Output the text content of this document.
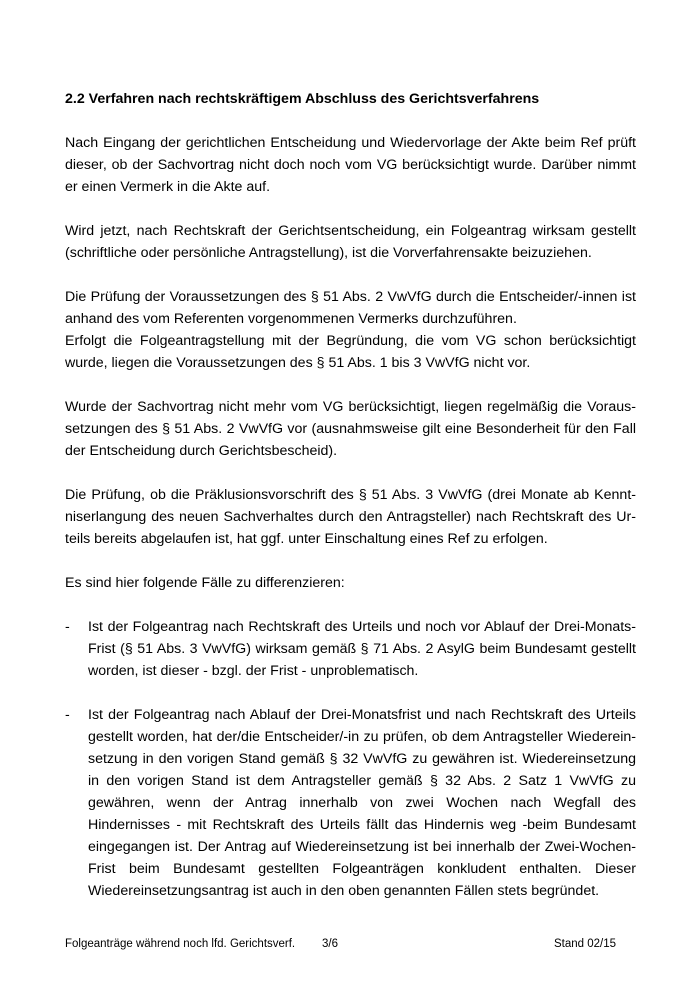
2.2 Verfahren nach rechtskräftigem Abschluss des Gerichtsverfahrens

Nach Eingang der gerichtlichen Entscheidung und Wiedervorlage der Akte beim Ref prüft dieser, ob der Sachvortrag nicht doch noch vom VG berücksichtigt wurde. Darüber nimmt er einen Vermerk in die Akte auf.

Wird jetzt, nach Rechtskraft der Gerichtsentscheidung, ein Folgeantrag wirksam gestellt (schriftliche oder persönliche Antragstellung), ist die Vorverfahrensakte beizuziehen.

Die Prüfung der Voraussetzungen des § 51 Abs. 2 VwVfG durch die Entscheider/-innen ist anhand des vom Referenten vorgenommenen Vermerks durchzuführen.

Erfolgt die Folgeantragstellung mit der Begründung, die vom VG schon berücksichtigt wurde, liegen die Voraussetzungen des § 51 Abs. 1 bis 3 VwVfG nicht vor.

Wurde der Sachvortrag nicht mehr vom VG berücksichtigt, liegen regelmäßig die Voraussetzungen des § 51 Abs. 2 VwVfG vor (ausnahmsweise gilt eine Besonderheit für den Fall der Entscheidung durch Gerichtsbescheid).

Die Prüfung, ob die Präklusionsvorschrift des § 51 Abs. 3 VwVfG (drei Monate ab Kenntniserlangung des neuen Sachverhaltes durch den Antragsteller) nach Rechtskraft des Urteils bereits abgelaufen ist, hat ggf. unter Einschaltung eines Ref zu erfolgen.

Es sind hier folgende Fälle zu differenzieren:

- Ist der Folgeantrag nach Rechtskraft des Urteils und noch vor Ablauf der Drei-Monats-Frist (§ 51 Abs. 3 VwVfG) wirksam gemäß § 71 Abs. 2 AsylG beim Bundesamt gestellt worden, ist dieser - bzgl. der Frist - unproblematisch.
- Ist der Folgeantrag nach Ablauf der Drei-Monatsfrist und nach Rechtskraft des Urteils gestellt worden, hat der/die Entscheider/-in zu prüfen, ob dem Antragsteller Wiedereinsetzung in den vorigen Stand gemäß § 32 VwVfG zu gewähren ist. Wiedereinsetzung in den vorigen Stand ist dem Antragsteller gemäß § 32 Abs. 2 Satz 1 VwVfG zu gewähren, wenn der Antrag innerhalb von zwei Wochen nach Wegfall des Hindernisses - mit Rechtskraft des Urteils fällt das Hindernis weg -beim Bundesamt eingegangen ist. Der Antrag auf Wiedereinsetzung ist bei innerhalb der Zwei-Wochen-Frist beim Bundesamt gestellten Folgeanträgen konkludent enthalten. Dieser Wiedereinsetzungsantrag ist auch in den oben genannten Fällen stets begründet.
Folgeanträge während noch lfd. Gerichtsverf. 3/6	Stand 02/15
